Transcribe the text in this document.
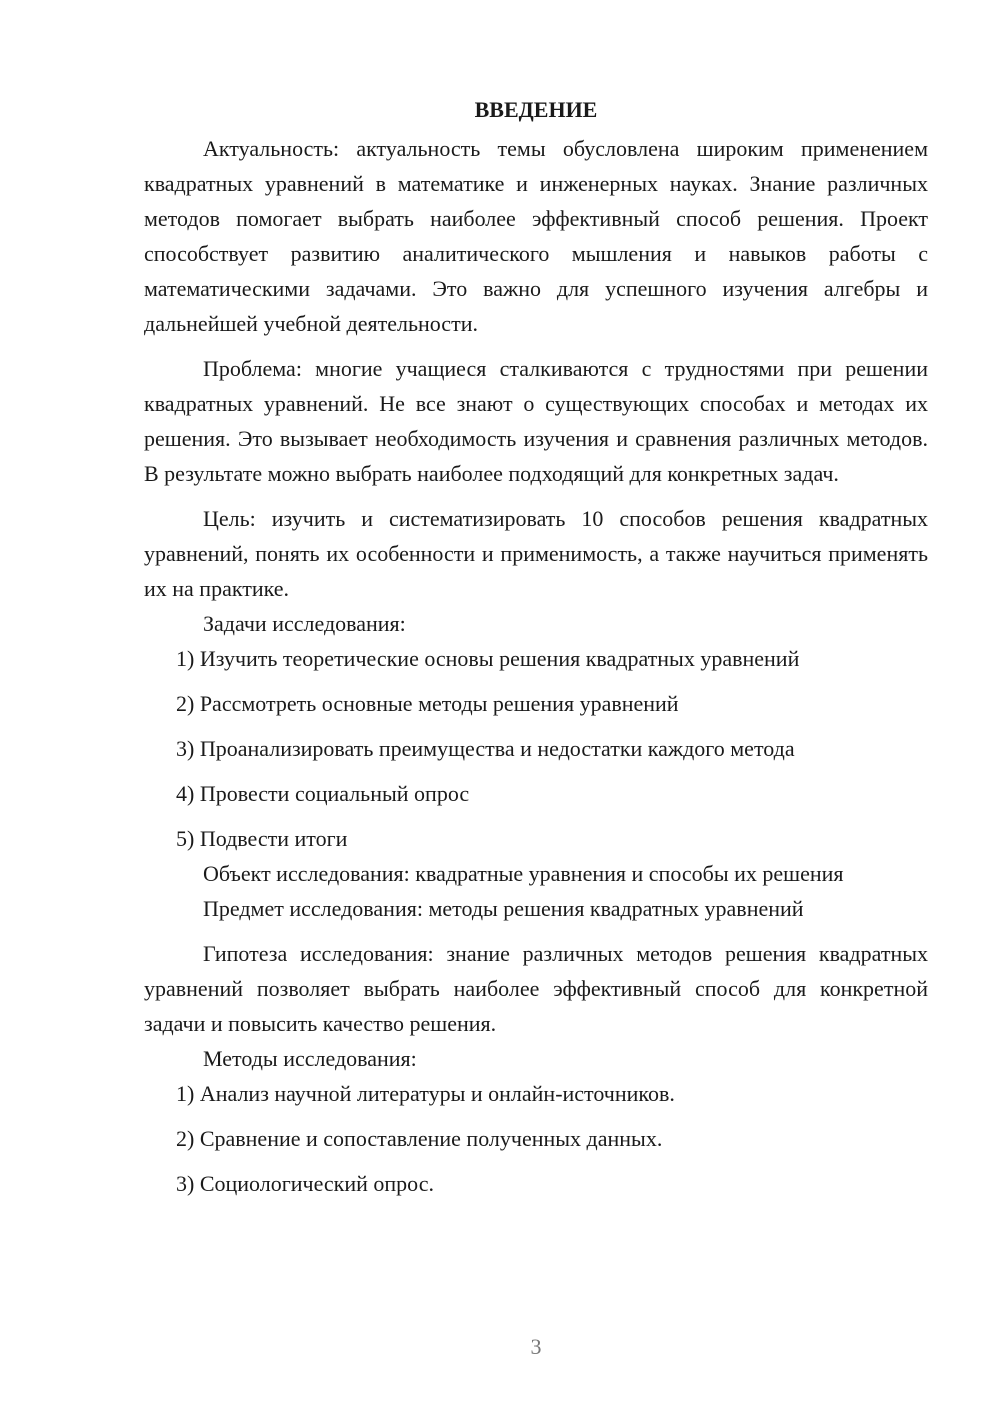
ВВЕДЕНИЕ

Актуальность: актуальность темы обусловлена широким применением квадратных уравнений в математике и инженерных науках. Знание различных методов помогает выбрать наиболее эффективный способ решения. Проект способствует развитию аналитического мышления и навыков работы с математическими задачами. Это важно для успешного изучения алгебры и дальнейшей учебной деятельности.

Проблема: многие учащиеся сталкиваются с трудностями при решении квадратных уравнений. Не все знают о существующих способах и методах их решения. Это вызывает необходимость изучения и сравнения различных методов. В результате можно выбрать наиболее подходящий для конкретных задач.

Цель: изучить и систематизировать 10 способов решения квадратных уравнений, понять их особенности и применимость, а также научиться применять их на практике.

Задачи исследования:

1) Изучить теоретические основы решения квадратных уравнений
2) Рассмотреть основные методы решения уравнений
3) Проанализировать преимущества и недостатки каждого метода
4) Провести социальный опрос
5) Подвести итоги

Объект исследования: квадратные уравнения и способы их решения

Предмет исследования: методы решения квадратных уравнений

Гипотеза исследования: знание различных методов решения квадратных уравнений позволяет выбрать наиболее эффективный способ для конкретной задачи и повысить качество решения.

Методы исследования:

1) Анализ научной литературы и онлайн-источников.
2) Сравнение и сопоставление полученных данных.
3) Социологический опрос.
3
